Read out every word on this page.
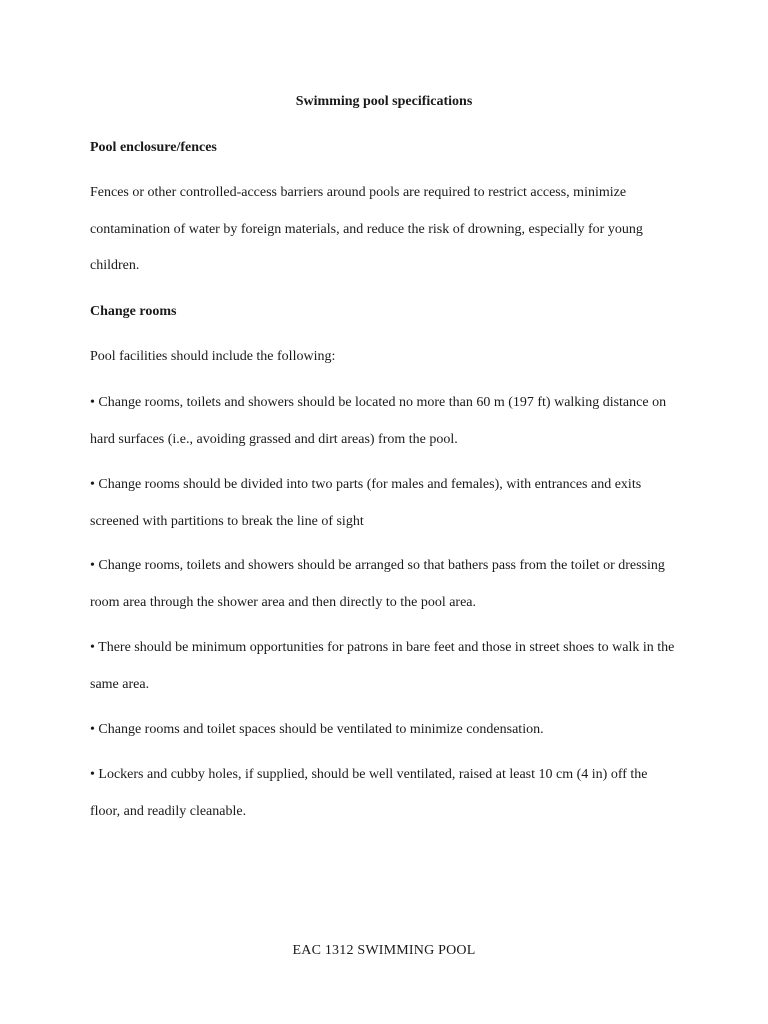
Swimming pool specifications
Pool enclosure/fences

Fences or other controlled-access barriers around pools are required to restrict access, minimize contamination of water by foreign materials, and reduce the risk of drowning, especially for young children.

Change rooms

Pool facilities should include the following:

• Change rooms, toilets and showers should be located no more than 60 m (197 ft) walking distance on hard surfaces (i.e., avoiding grassed and dirt areas) from the pool.

• Change rooms should be divided into two parts (for males and females), with entrances and exits screened with partitions to break the line of sight

• Change rooms, toilets and showers should be arranged so that bathers pass from the toilet or dressing room area through the shower area and then directly to the pool area.

• There should be minimum opportunities for patrons in bare feet and those in street shoes to walk in the same area.

• Change rooms and toilet spaces should be ventilated to minimize condensation.

• Lockers and cubby holes, if supplied, should be well ventilated, raised at least 10 cm (4 in) off the floor, and readily cleanable.

EAC 1312 SWIMMING POOL
